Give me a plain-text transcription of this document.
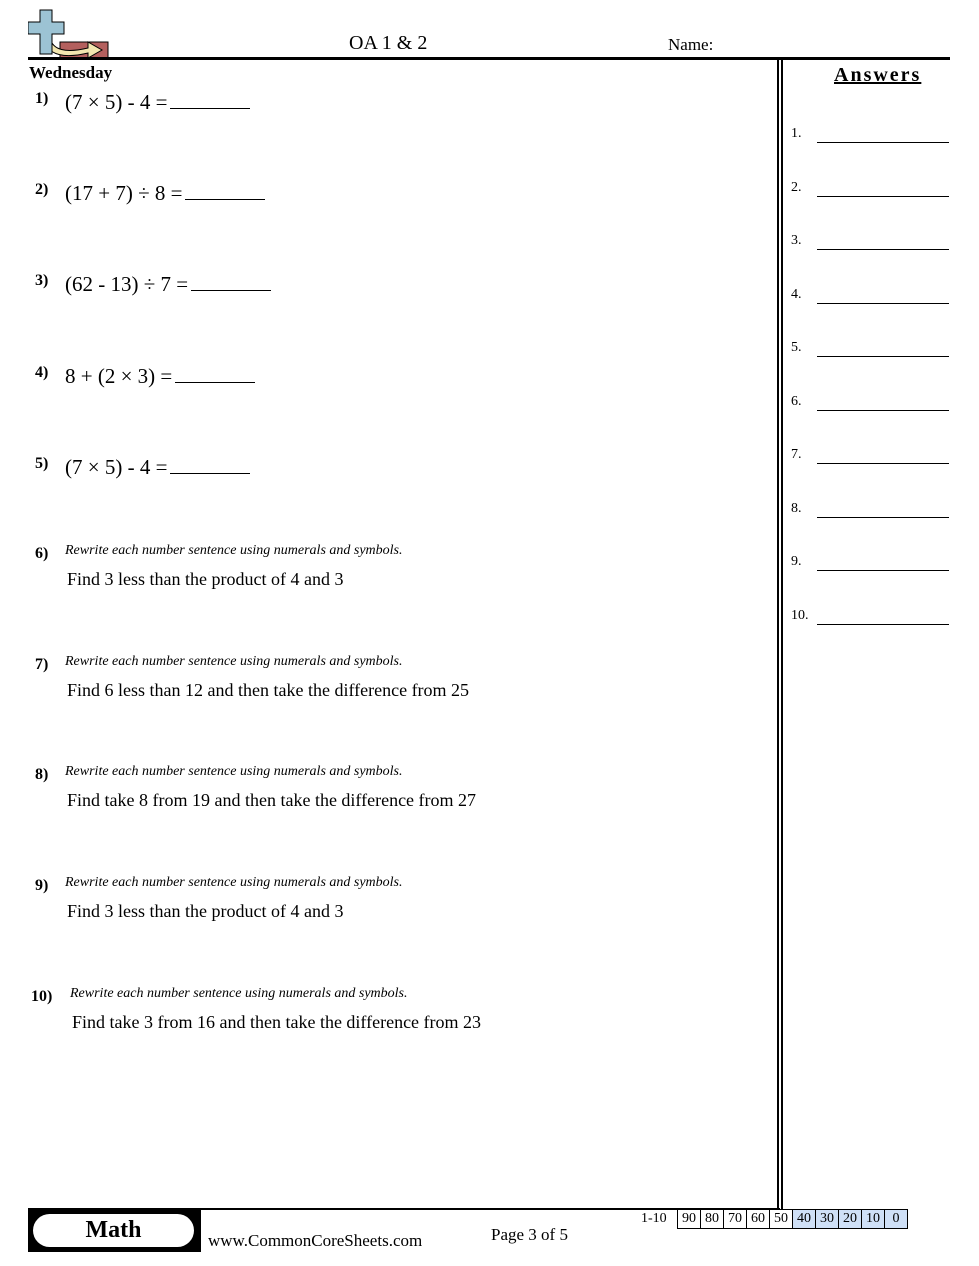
OA 1 & 2	Name:
Wednesday	Answers
1.
2.
3.
4.
5.
6.
7.
8.
9.
10.
1) (7 × 5) - 4 =
2) (17 + 7) ÷ 8 =
3) (62 - 13) ÷ 7 =
4) 8 + (2 × 3) =
5) (7 × 5) - 4 =
6) Rewrite each number sentence using numerals and symbols.
Find 3 less than the product of 4 and 3
7) Rewrite each number sentence using numerals and symbols.
Find 6 less than 12 and then take the difference from 25
8) Rewrite each number sentence using numerals and symbols.
Find take 8 from 19 and then take the difference from 27
9) Rewrite each number sentence using numerals and symbols.
Find 3 less than the product of 4 and 3
10) Rewrite each number sentence using numerals and symbols.
Find take 3 from 16 and then take the difference from 23
Math	www.CommonCoreSheets.com	Page 3 of 5
1-10 90	80	70	60	50	40	30	20	10	0
